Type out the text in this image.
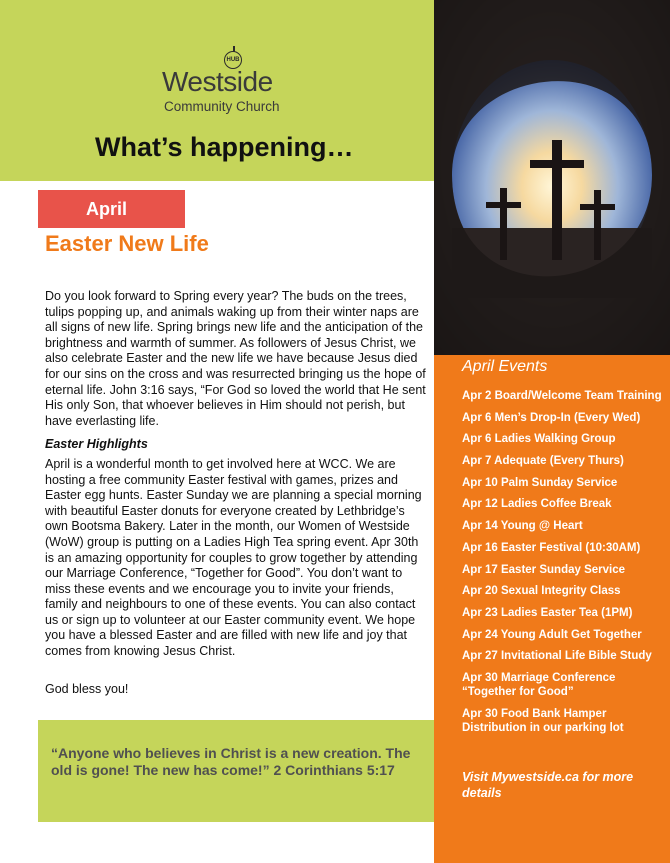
HUB
Westside
Community Church
What’s happening…
April Events
Apr 2 Board/Welcome Team Training
Apr 6 Men’s Drop-In (Every Wed)
Apr 6 Ladies Walking Group
Apr 7 Adequate (Every Thurs)
Apr 10 Palm Sunday Service
Apr 12 Ladies Coffee Break
Apr 14 Young @ Heart
Apr 16 Easter Festival (10:30AM)
Apr 17 Easter Sunday Service
Apr 20 Sexual Integrity Class
Apr 23 Ladies Easter Tea (1PM)
Apr 24 Young Adult Get Together
Apr 27 Invitational Life Bible Study
Apr 30 Marriage Conference “Together for Good”
Apr 30 Food Bank Hamper Distribution in our parking lot
Visit Mywestside.ca for more details
April
Easter New Life

Do you look forward to Spring every year? The buds on the trees, tulips popping up, and animals waking up from their winter naps are all signs of new life. Spring brings new life and the anticipation of the brightness and warmth of summer. As followers of Jesus Christ, we also celebrate Easter and the new life we have because Jesus died for our sins on the cross and was resurrected bringing us the hope of eternal life. John 3:16 says, “For God so loved the world that He sent His only Son, that whoever believes in Him should not perish, but have everlasting life.

Easter Highlights

April is a wonderful month to get involved here at WCC. We are hosting a free community Easter festival with games, prizes and Easter egg hunts. Easter Sunday we are planning a special morning with beautiful Easter donuts for everyone created by Lethbridge’s own Bootsma Bakery. Later in the month, our Women of Westside (WoW) group is putting on a Ladies High Tea spring event. Apr 30th is an amazing opportunity for couples to grow together by attending our Marriage Conference, “Together for Good”. You don’t want to miss these events and we encourage you to invite your friends, family and neighbours to one of these events. You can also contact us or sign up to volunteer at our Easter community event. We hope you have a blessed Easter and are filled with new life and joy that comes from knowing Jesus Christ.

God bless you!

“Anyone who believes in Christ is a new creation. The old is gone! The new has come!” 2 Corinthians 5:17
